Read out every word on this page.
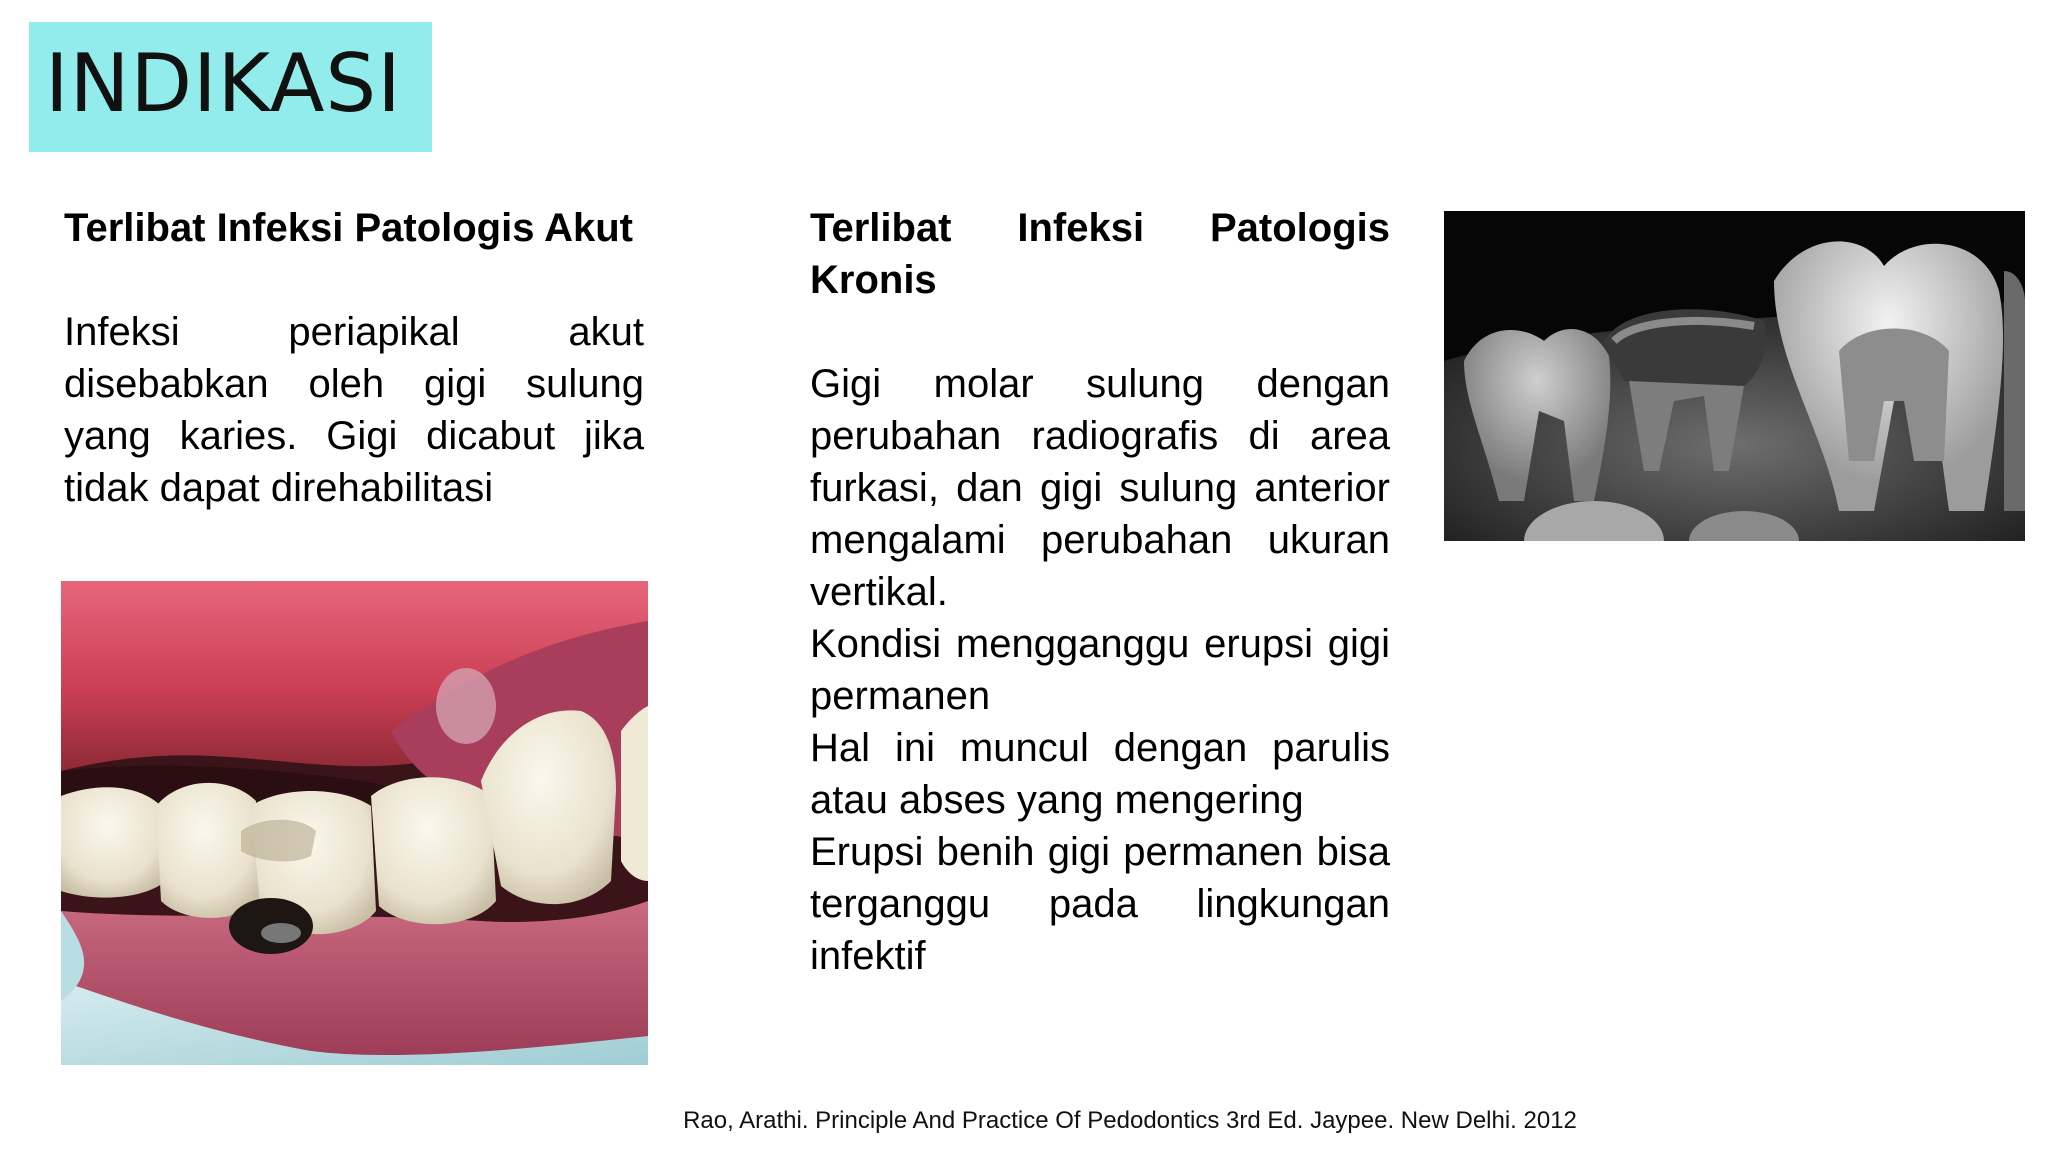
INDIKASI

Terlibat Infeksi Patologis Akut

Infeksi periapikal akut disebabkan oleh gigi sulung yang karies. Gigi dicabut jika tidak dapat direhabilitasi

Terlibat Infeksi Patologis Kronis

Gigi molar sulung dengan perubahan radiografis di area furkasi, dan gigi sulung anterior mengalami perubahan ukuran vertikal.

Kondisi mengganggu erupsi gigi permanen

Hal ini muncul dengan parulis atau abses yang mengering

Erupsi benih gigi permanen bisa terganggu pada lingkungan infektif

Rao, Arathi. Principle And Practice Of Pedodontics 3rd Ed. Jaypee. New Delhi. 2012
